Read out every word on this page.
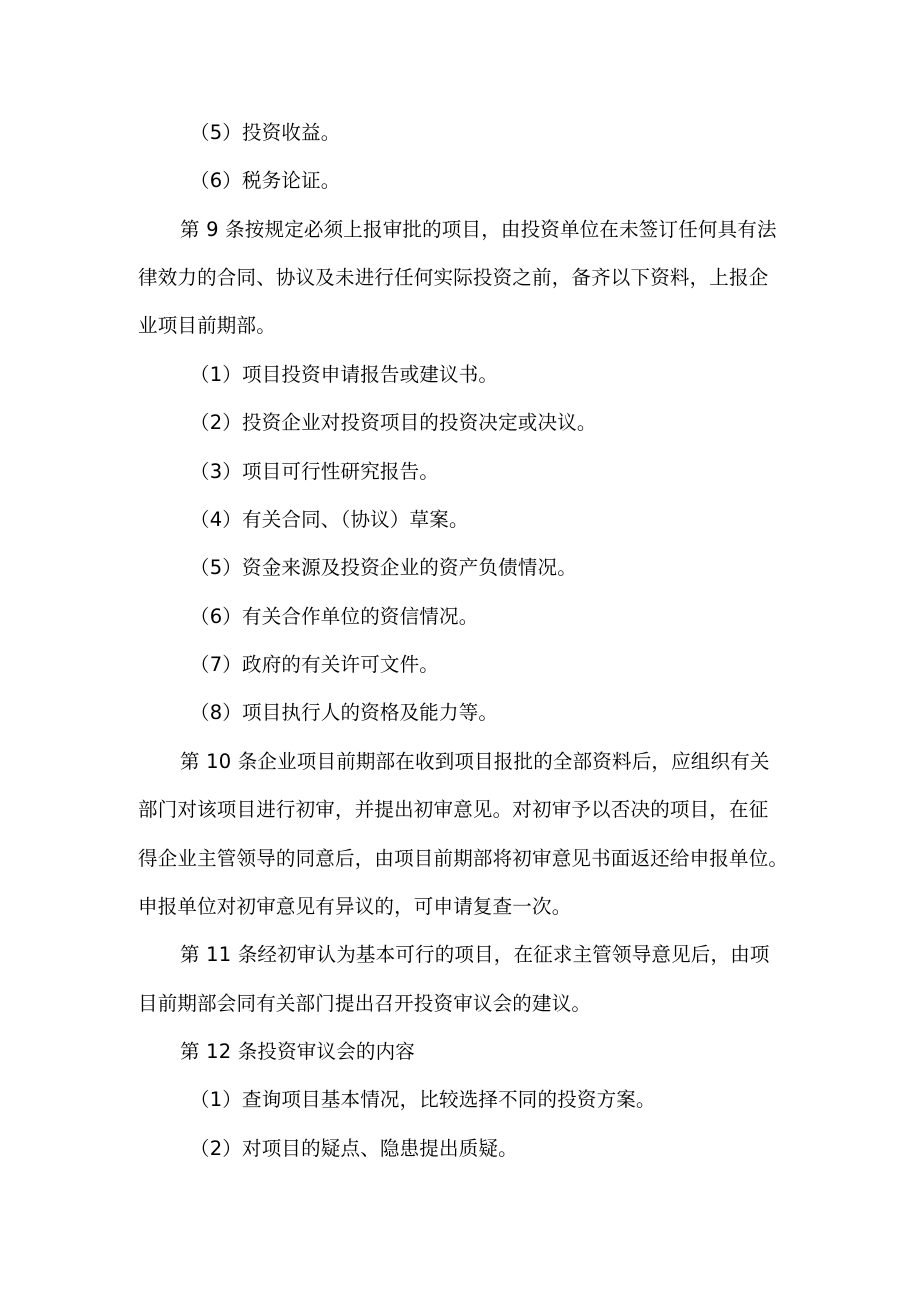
（5）投资收益。
（6）税务论证。
第 9 条按规定必须上报审批的项目，由投资单位在未签订任何具有法
律效力的合同、协议及未进行任何实际投资之前，备齐以下资料，上报企
业项目前期部。
（1）项目投资申请报告或建议书。
（2）投资企业对投资项目的投资决定或决议。
（3）项目可行性研究报告。
（4）有关合同、（协议）草案。
（5）资金来源及投资企业的资产负债情况。
（6）有关合作单位的资信情况。
（7）政府的有关许可文件。
（8）项目执行人的资格及能力等。
第 10 条企业项目前期部在收到项目报批的全部资料后，应组织有关
部门对该项目进行初审，并提出初审意见。对初审予以否决的项目，在征
得企业主管领导的同意后，由项目前期部将初审意见书面返还给申报单位。
申报单位对初审意见有异议的，可申请复查一次。
第 11 条经初审认为基本可行的项目，在征求主管领导意见后，由项
目前期部会同有关部门提出召开投资审议会的建议。
第 12 条投资审议会的内容
（1）查询项目基本情况，比较选择不同的投资方案。
（2）对项目的疑点、隐患提出质疑。
